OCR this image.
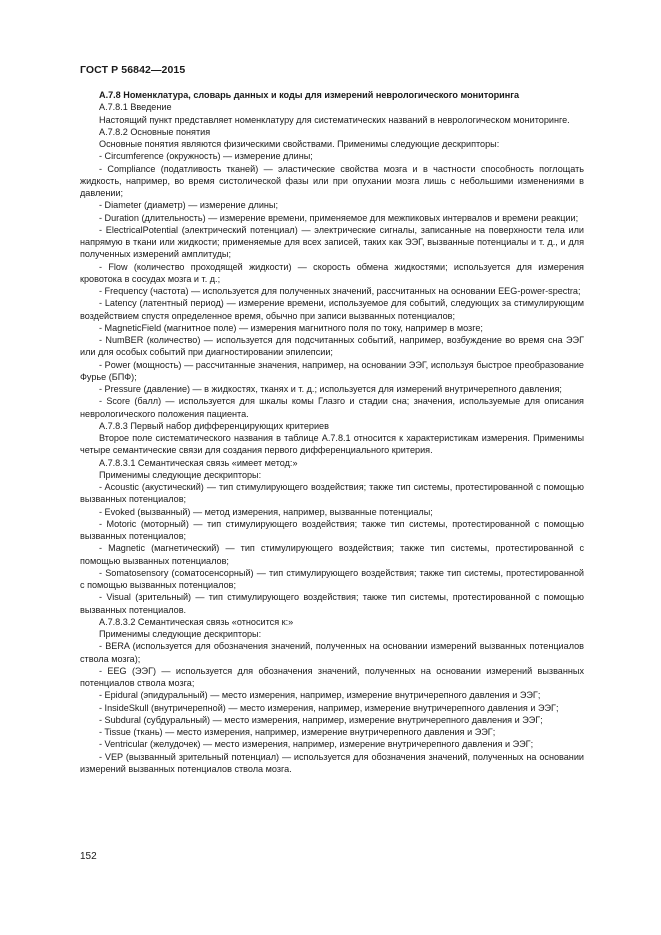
ГОСТ Р 56842—2015

А.7.8 Номенклатура, словарь данных и коды для измерений неврологического мониторинга

А.7.8.1 Введение

Настоящий пункт представляет номенклатуру для систематических названий в неврологическом мониторинге.

А.7.8.2 Основные понятия

Основные понятия являются физическими свойствами. Применимы следующие дескрипторы:

- Circumference (окружность) — измерение длины;

- Compliance (податливость тканей) — эластические свойства мозга и в частности способность поглощать жидкость, например, во время систолической фазы или при опухании мозга лишь с небольшими изменениями в давлении;

- Diameter (диаметр) — измерение длины;

- Duration (длительность) — измерение времени, применяемое для межпиковых интервалов и времени реакции;

- ElectricalPotential (электрический потенциал) — электрические сигналы, записанные на поверхности тела или напрямую в ткани или жидкости; применяемые для всех записей, таких как ЭЭГ, вызванные потенциалы и т. д., и для полученных измерений амплитуды;

- Flow (количество проходящей жидкости) — скорость обмена жидкостями; используется для измерения кровотока в сосудах мозга и т. д.;

- Frequency (частота) — используется для полученных значений, рассчитанных на основании EEG-power-spectra;

- Latency (латентный период) — измерение времени, используемое для событий, следующих за стимулирующим воздействием спустя определенное время, обычно при записи вызванных потенциалов;

- MagneticField (магнитное поле) — измерения магнитного поля по току, например в мозге;

- NumBER (количество) — используется для подсчитанных событий, например, возбуждение во время сна ЭЭГ или для особых событий при диагностировании эпилепсии;

- Power (мощность) — рассчитанные значения, например, на основании ЭЭГ, используя быстрое преобразование Фурье (БПФ);

- Pressure (давление) — в жидкостях, тканях и т. д.; используется для измерений внутричерепного давления;

- Score (балл) — используется для шкалы комы Глазго и стадии сна; значения, используемые для описания неврологического положения пациента.

А.7.8.3 Первый набор дифференцирующих критериев

Второе поле систематического названия в таблице А.7.8.1 относится к характеристикам измерения. Применимы четыре семантические связи для создания первого дифференциального критерия.

А.7.8.3.1 Семантическая связь «имеет метод:»

Применимы следующие дескрипторы:

- Acoustic (акустический) — тип стимулирующего воздействия; также тип системы, протестированной с помощью вызванных потенциалов;

- Evoked (вызванный) — метод измерения, например, вызванные потенциалы;

- Motoric (моторный) — тип стимулирующего воздействия; также тип системы, протестированной с помощью вызванных потенциалов;

- Magnetic (магнетический) — тип стимулирующего воздействия; также тип системы, протестированной с помощью вызванных потенциалов;

- Somatosensory (соматосенсорный) — тип стимулирующего воздействия; также тип системы, протестированной с помощью вызванных потенциалов;

- Visual (зрительный) — тип стимулирующего воздействия; также тип системы, протестированной с помощью вызванных потенциалов.

А.7.8.3.2 Семантическая связь «относится к:»

Применимы следующие дескрипторы:

- BERA (используется для обозначения значений, полученных на основании измерений вызванных потенциалов ствола мозга);

- EEG (ЭЭГ) — используется для обозначения значений, полученных на основании измерений вызванных потенциалов ствола мозга;

- Epidural (эпидуральный) — место измерения, например, измерение внутричерепного давления и ЭЭГ;

- InsideSkull (внутричерепной) — место измерения, например, измерение внутричерепного давления и ЭЭГ;

- Subdural (субдуральный) — место измерения, например, измерение внутричерепного давления и ЭЭГ;

- Tissue (ткань) — место измерения, например, измерение внутричерепного давления и ЭЭГ;

- Ventricular (желудочек) — место измерения, например, измерение внутричерепного давления и ЭЭГ;

- VEP (вызванный зрительный потенциал) — используется для обозначения значений, полученных на основании измерений вызванных потенциалов ствола мозга.

152
